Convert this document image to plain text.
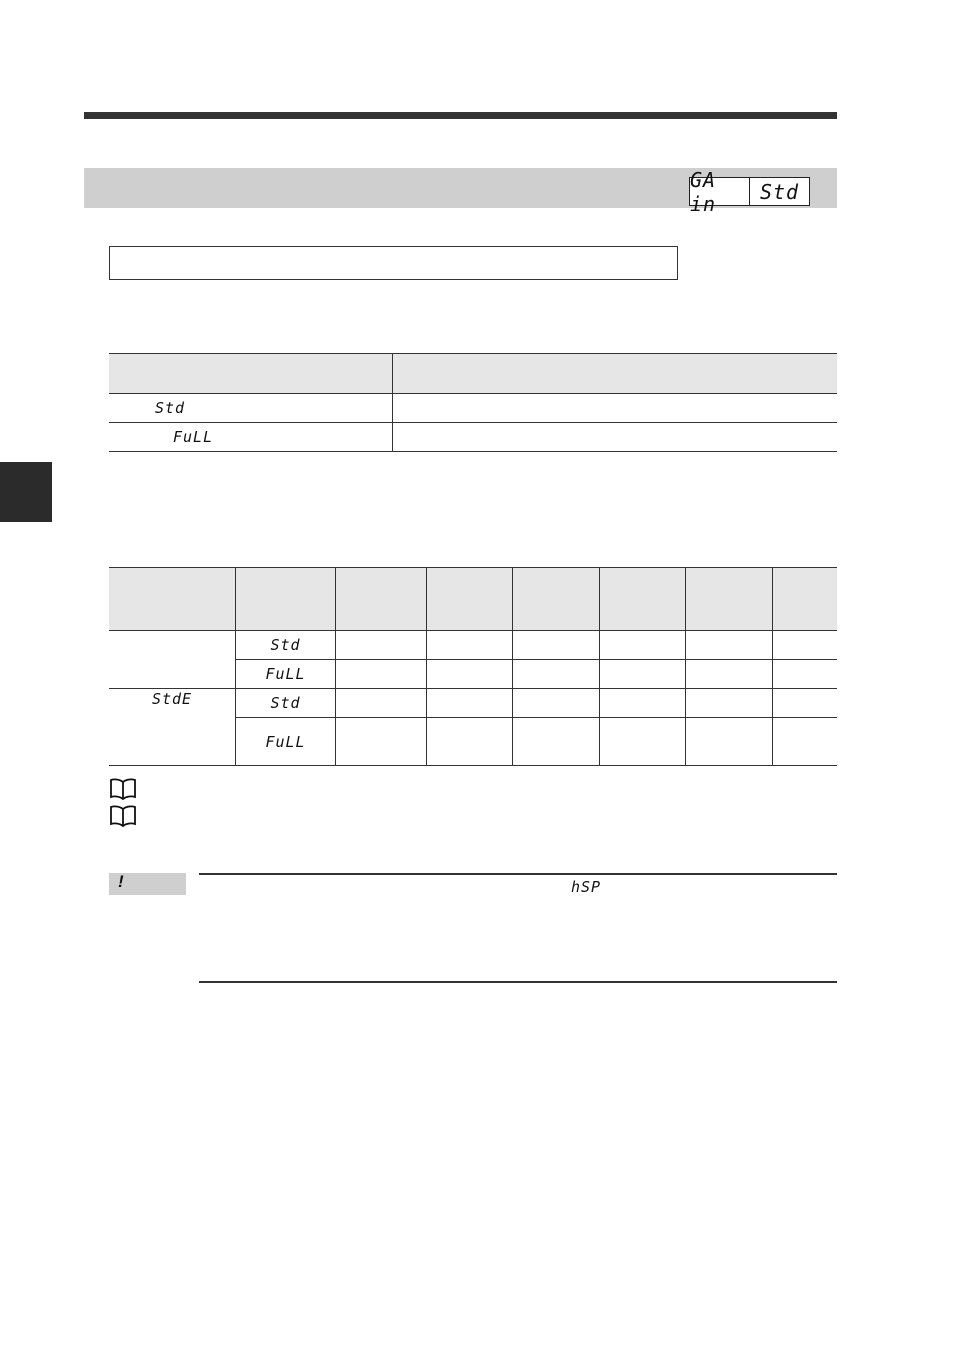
GA in	Std

Std	
FuLL	

	Std						
	FuLL						
StdE	Std						
	FuLL						
!	hSP
